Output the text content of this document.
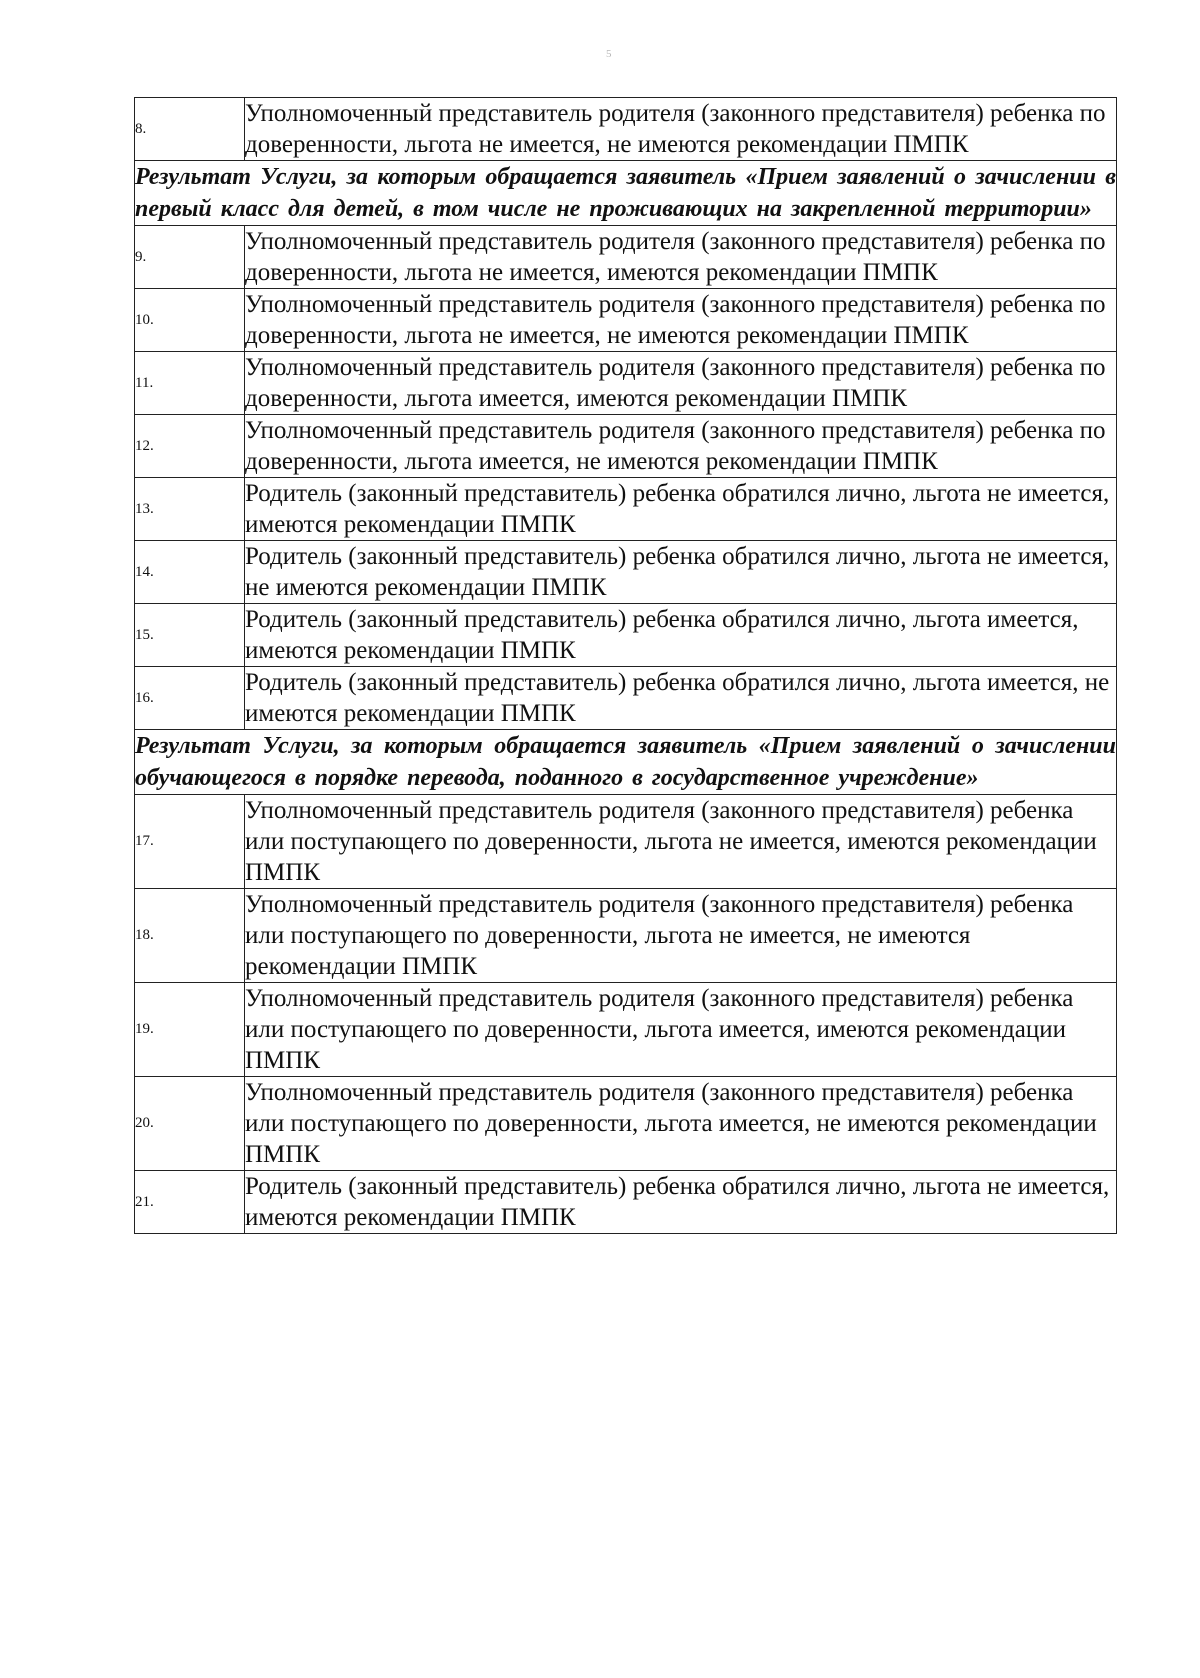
5
8.	Уполномоченный представитель родителя (законного представителя) ребенка по доверенности, льгота не имеется, не имеются рекомендации ПМПК
Результат Услуги, за которым обращается заявитель «Прием заявлений о зачислении в первый класс для детей, в том числе не проживающих на закрепленной территории»	
9.	Уполномоченный представитель родителя (законного представителя) ребенка по доверенности, льгота не имеется, имеются рекомендации ПМПК
10.	Уполномоченный представитель родителя (законного представителя) ребенка по доверенности, льгота не имеется, не имеются рекомендации ПМПК
11.	Уполномоченный представитель родителя (законного представителя) ребенка по доверенности, льгота имеется, имеются рекомендации ПМПК
12.	Уполномоченный представитель родителя (законного представителя) ребенка по доверенности, льгота имеется, не имеются рекомендации ПМПК
13.	Родитель (законный представитель) ребенка обратился лично, льгота не имеется, имеются рекомендации ПМПК
14.	Родитель (законный представитель) ребенка обратился лично, льгота не имеется, не имеются рекомендации ПМПК
15.	Родитель (законный представитель) ребенка обратился лично, льгота имеется, имеются рекомендации ПМПК
16.	Родитель (законный представитель) ребенка обратился лично, льгота имеется, не имеются рекомендации ПМПК
Результат Услуги, за которым обращается заявитель «Прием заявлений о зачислении обучающегося в порядке перевода, поданного в государственное учреждение»	
17.	Уполномоченный представитель родителя (законного представителя) ребенка или поступающего по доверенности, льгота не имеется, имеются рекомендации ПМПК
18.	Уполномоченный представитель родителя (законного представителя) ребенка или поступающего по доверенности, льгота не имеется, не имеются рекомендации ПМПК
19.	Уполномоченный представитель родителя (законного представителя) ребенка или поступающего по доверенности, льгота имеется, имеются рекомендации ПМПК
20.	Уполномоченный представитель родителя (законного представителя) ребенка или поступающего по доверенности, льгота имеется, не имеются рекомендации ПМПК
21.	Родитель (законный представитель) ребенка обратился лично, льгота не имеется, имеются рекомендации ПМПК
